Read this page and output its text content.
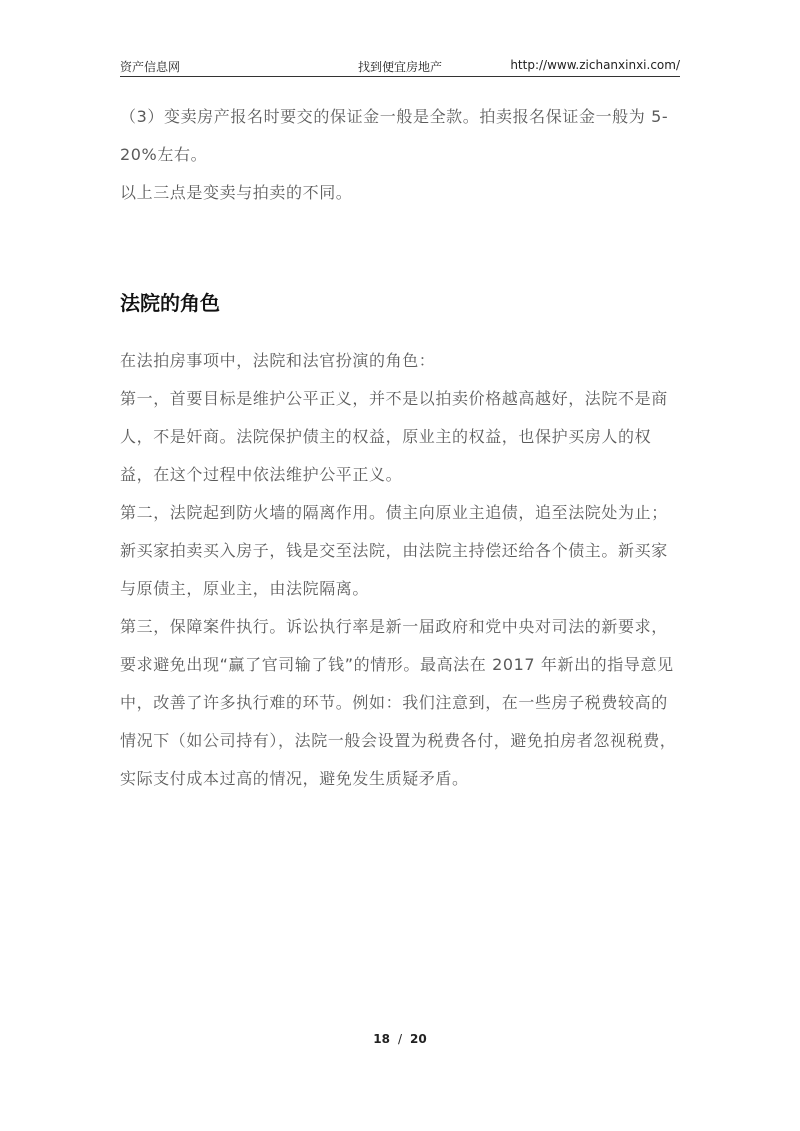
资产信息网	找到便宜房地产	http://www.zichanxinxi.com/

（3）变卖房产报名时要交的保证金一般是全款。拍卖报名保证金一般为 5-20%左右。

以上三点是变卖与拍卖的不同。

法院的角色

在法拍房事项中，法院和法官扮演的角色：

第一，首要目标是维护公平正义，并不是以拍卖价格越高越好，法院不是商人，不是奸商。法院保护债主的权益，原业主的权益，也保护买房人的权益，在这个过程中依法维护公平正义。

第二，法院起到防火墙的隔离作用。债主向原业主追债，追至法院处为止；新买家拍卖买入房子，钱是交至法院，由法院主持偿还给各个债主。新买家与原债主，原业主，由法院隔离。

第三，保障案件执行。诉讼执行率是新一届政府和党中央对司法的新要求，要求避免出现“赢了官司输了钱”的情形。最高法在 2017 年新出的指导意见中，改善了许多执行难的环节。例如：我们注意到，在一些房子税费较高的情况下（如公司持有），法院一般会设置为税费各付，避免拍房者忽视税费，实际支付成本过高的情况，避免发生质疑矛盾。

18 / 20
